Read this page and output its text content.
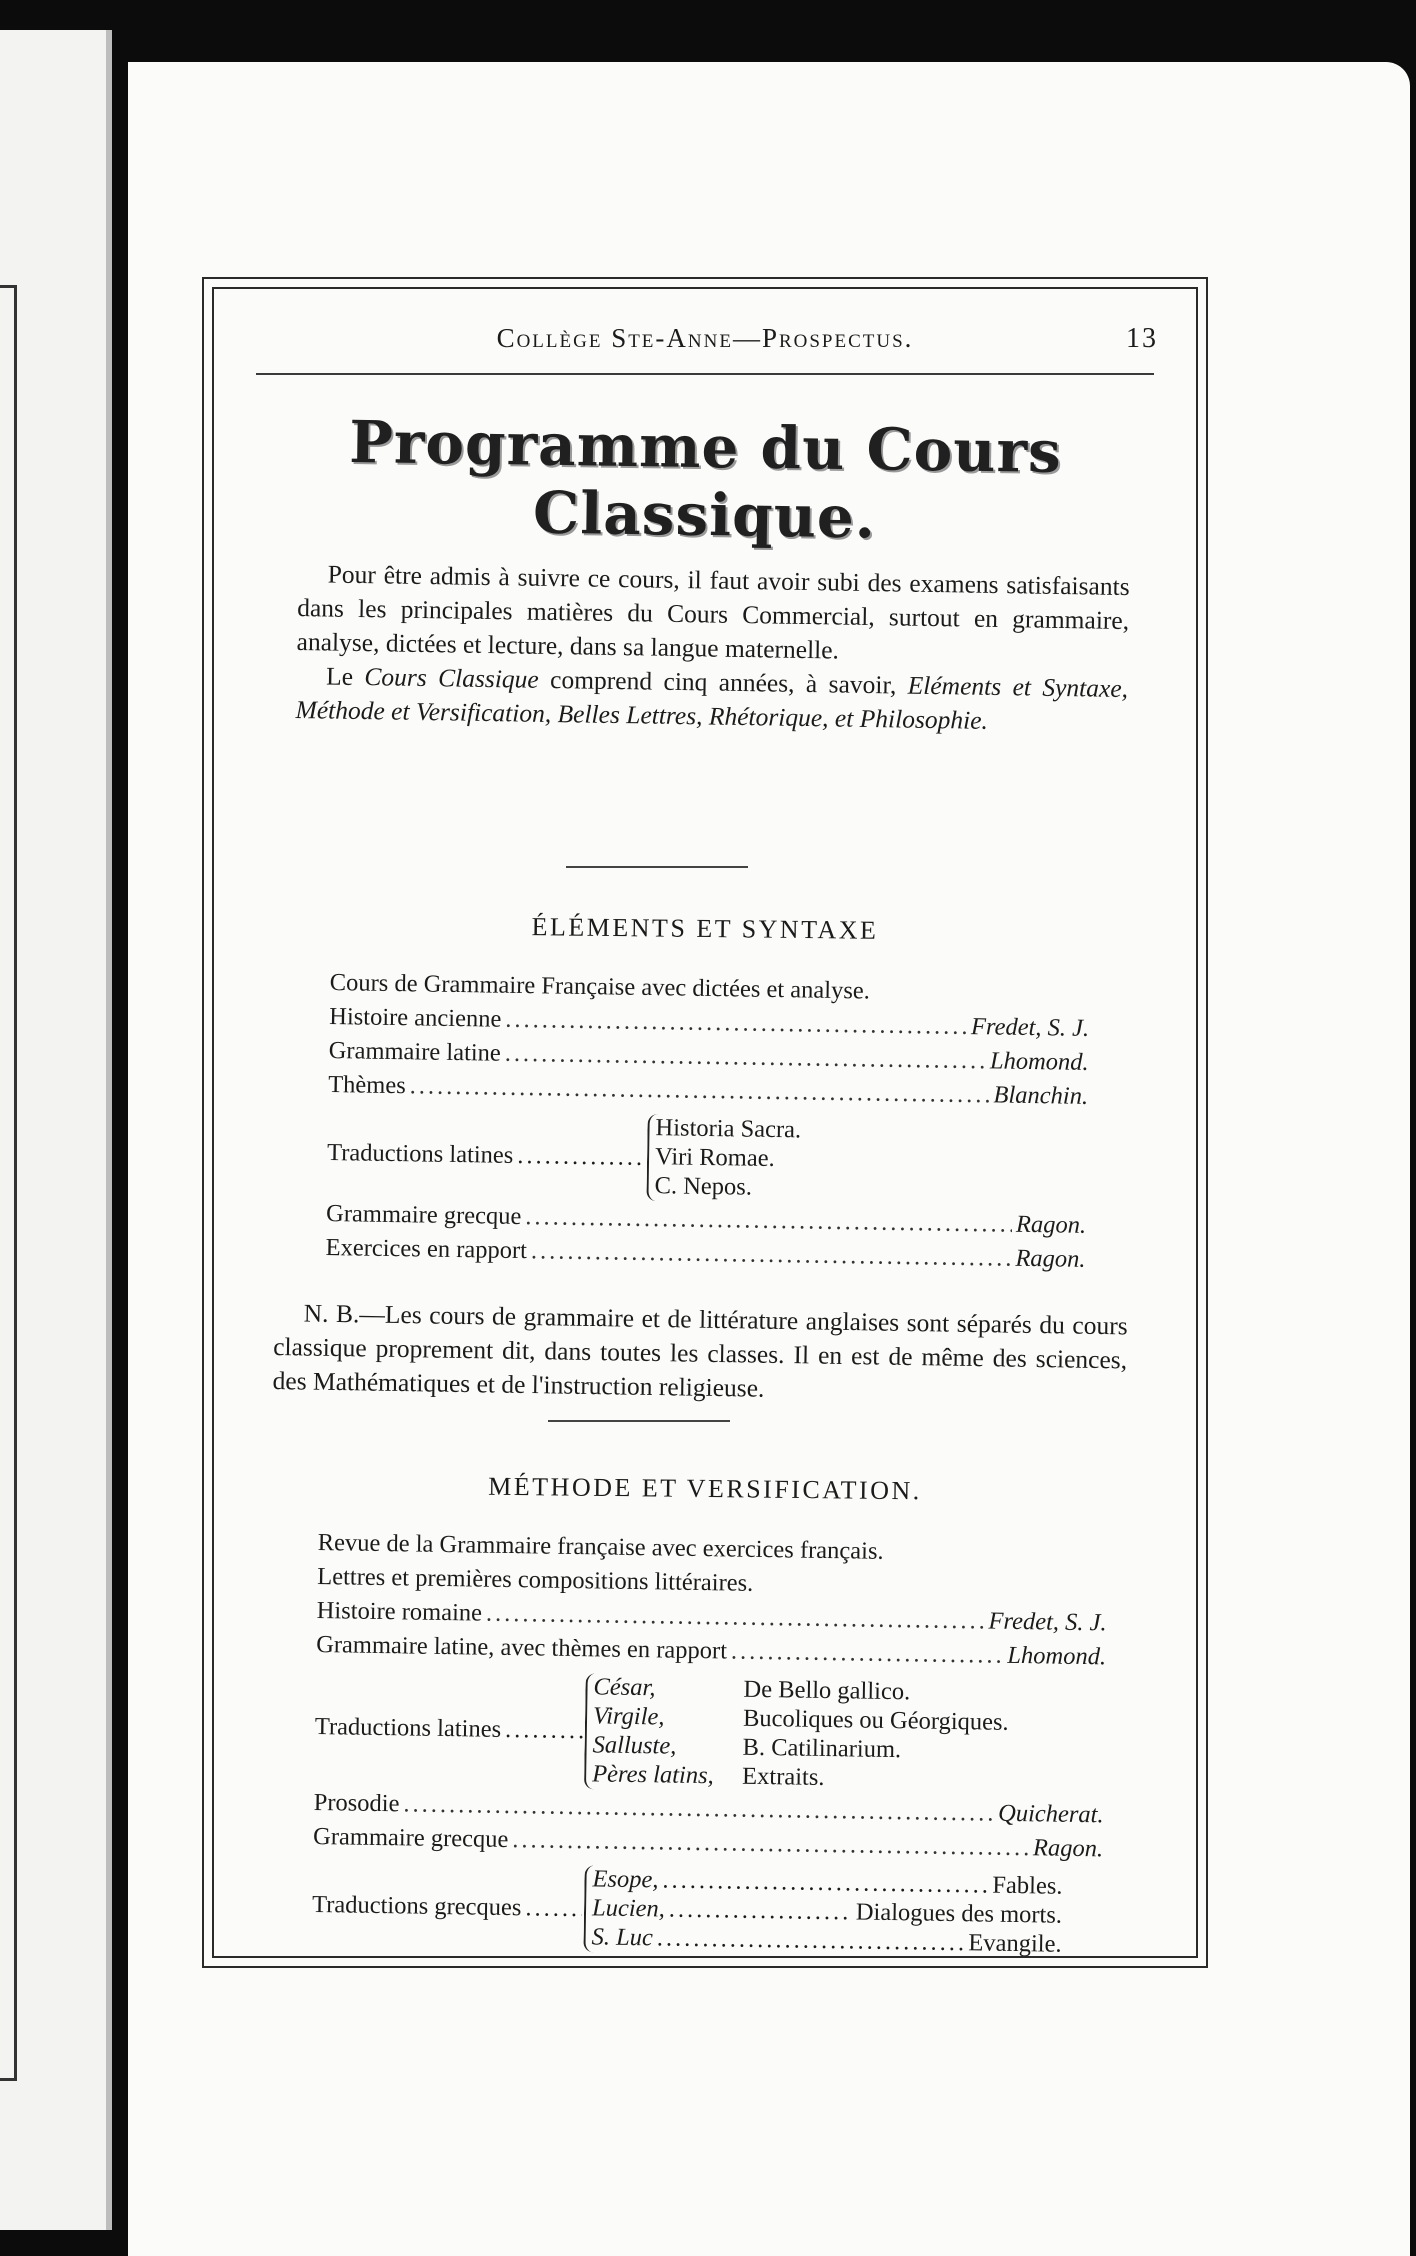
Collège Ste-Anne—Prospectus.	13
Programme du Cours Classique.

Pour être admis à suivre ce cours, il faut avoir subi des examens satisfaisants dans les principales matières du Cours Commercial, surtout en grammaire, analyse, dictées et lecture, dans sa langue maternelle.

Le Cours Classique comprend cinq années, à savoir, Eléments et Syntaxe, Méthode et Versification, Belles Lettres, Rhétorique, et Philosophie.

ÉLÉMENTS ET SYNTAXE
Cours de Grammaire Française avec dictées et analyse.
Histoire ancienne .....	Fredet, S. J.
Grammaire latine .....	Lhomond.
Thèmes .....	Blanchin.
Traductions latines
.....
Historia Sacra.
Viri Romae.
C. Nepos.
Grammaire grecque .....	Ragon.
Exercices en rapport .....	Ragon.

N. B.—Les cours de grammaire et de littérature anglaises sont séparés du cours classique proprement dit, dans toutes les classes. Il en est de même des sciences, des Mathématiques et de l'instruction religieuse.

MÉTHODE ET VERSIFICATION.
Revue de la Grammaire française avec exercices français.
Lettres et premières compositions littéraires.
Histoire romaine .....	Fredet, S. J.
Grammaire latine, avec thèmes en rapport .....	Lhomond.
Traductions latines
.....
César,	De Bello gallico.
Virgile,	Bucoliques ou Géorgiques.
Salluste,	B. Catilinarium.
Pères latins,	Extraits.
Prosodie .....	Quicherat.
Grammaire grecque .....	Ragon.
Traductions grecques
.....
Esope, .....	Fables.
Lucien, .....	Dialogues des morts.
S. Luc .....	Evangile.
